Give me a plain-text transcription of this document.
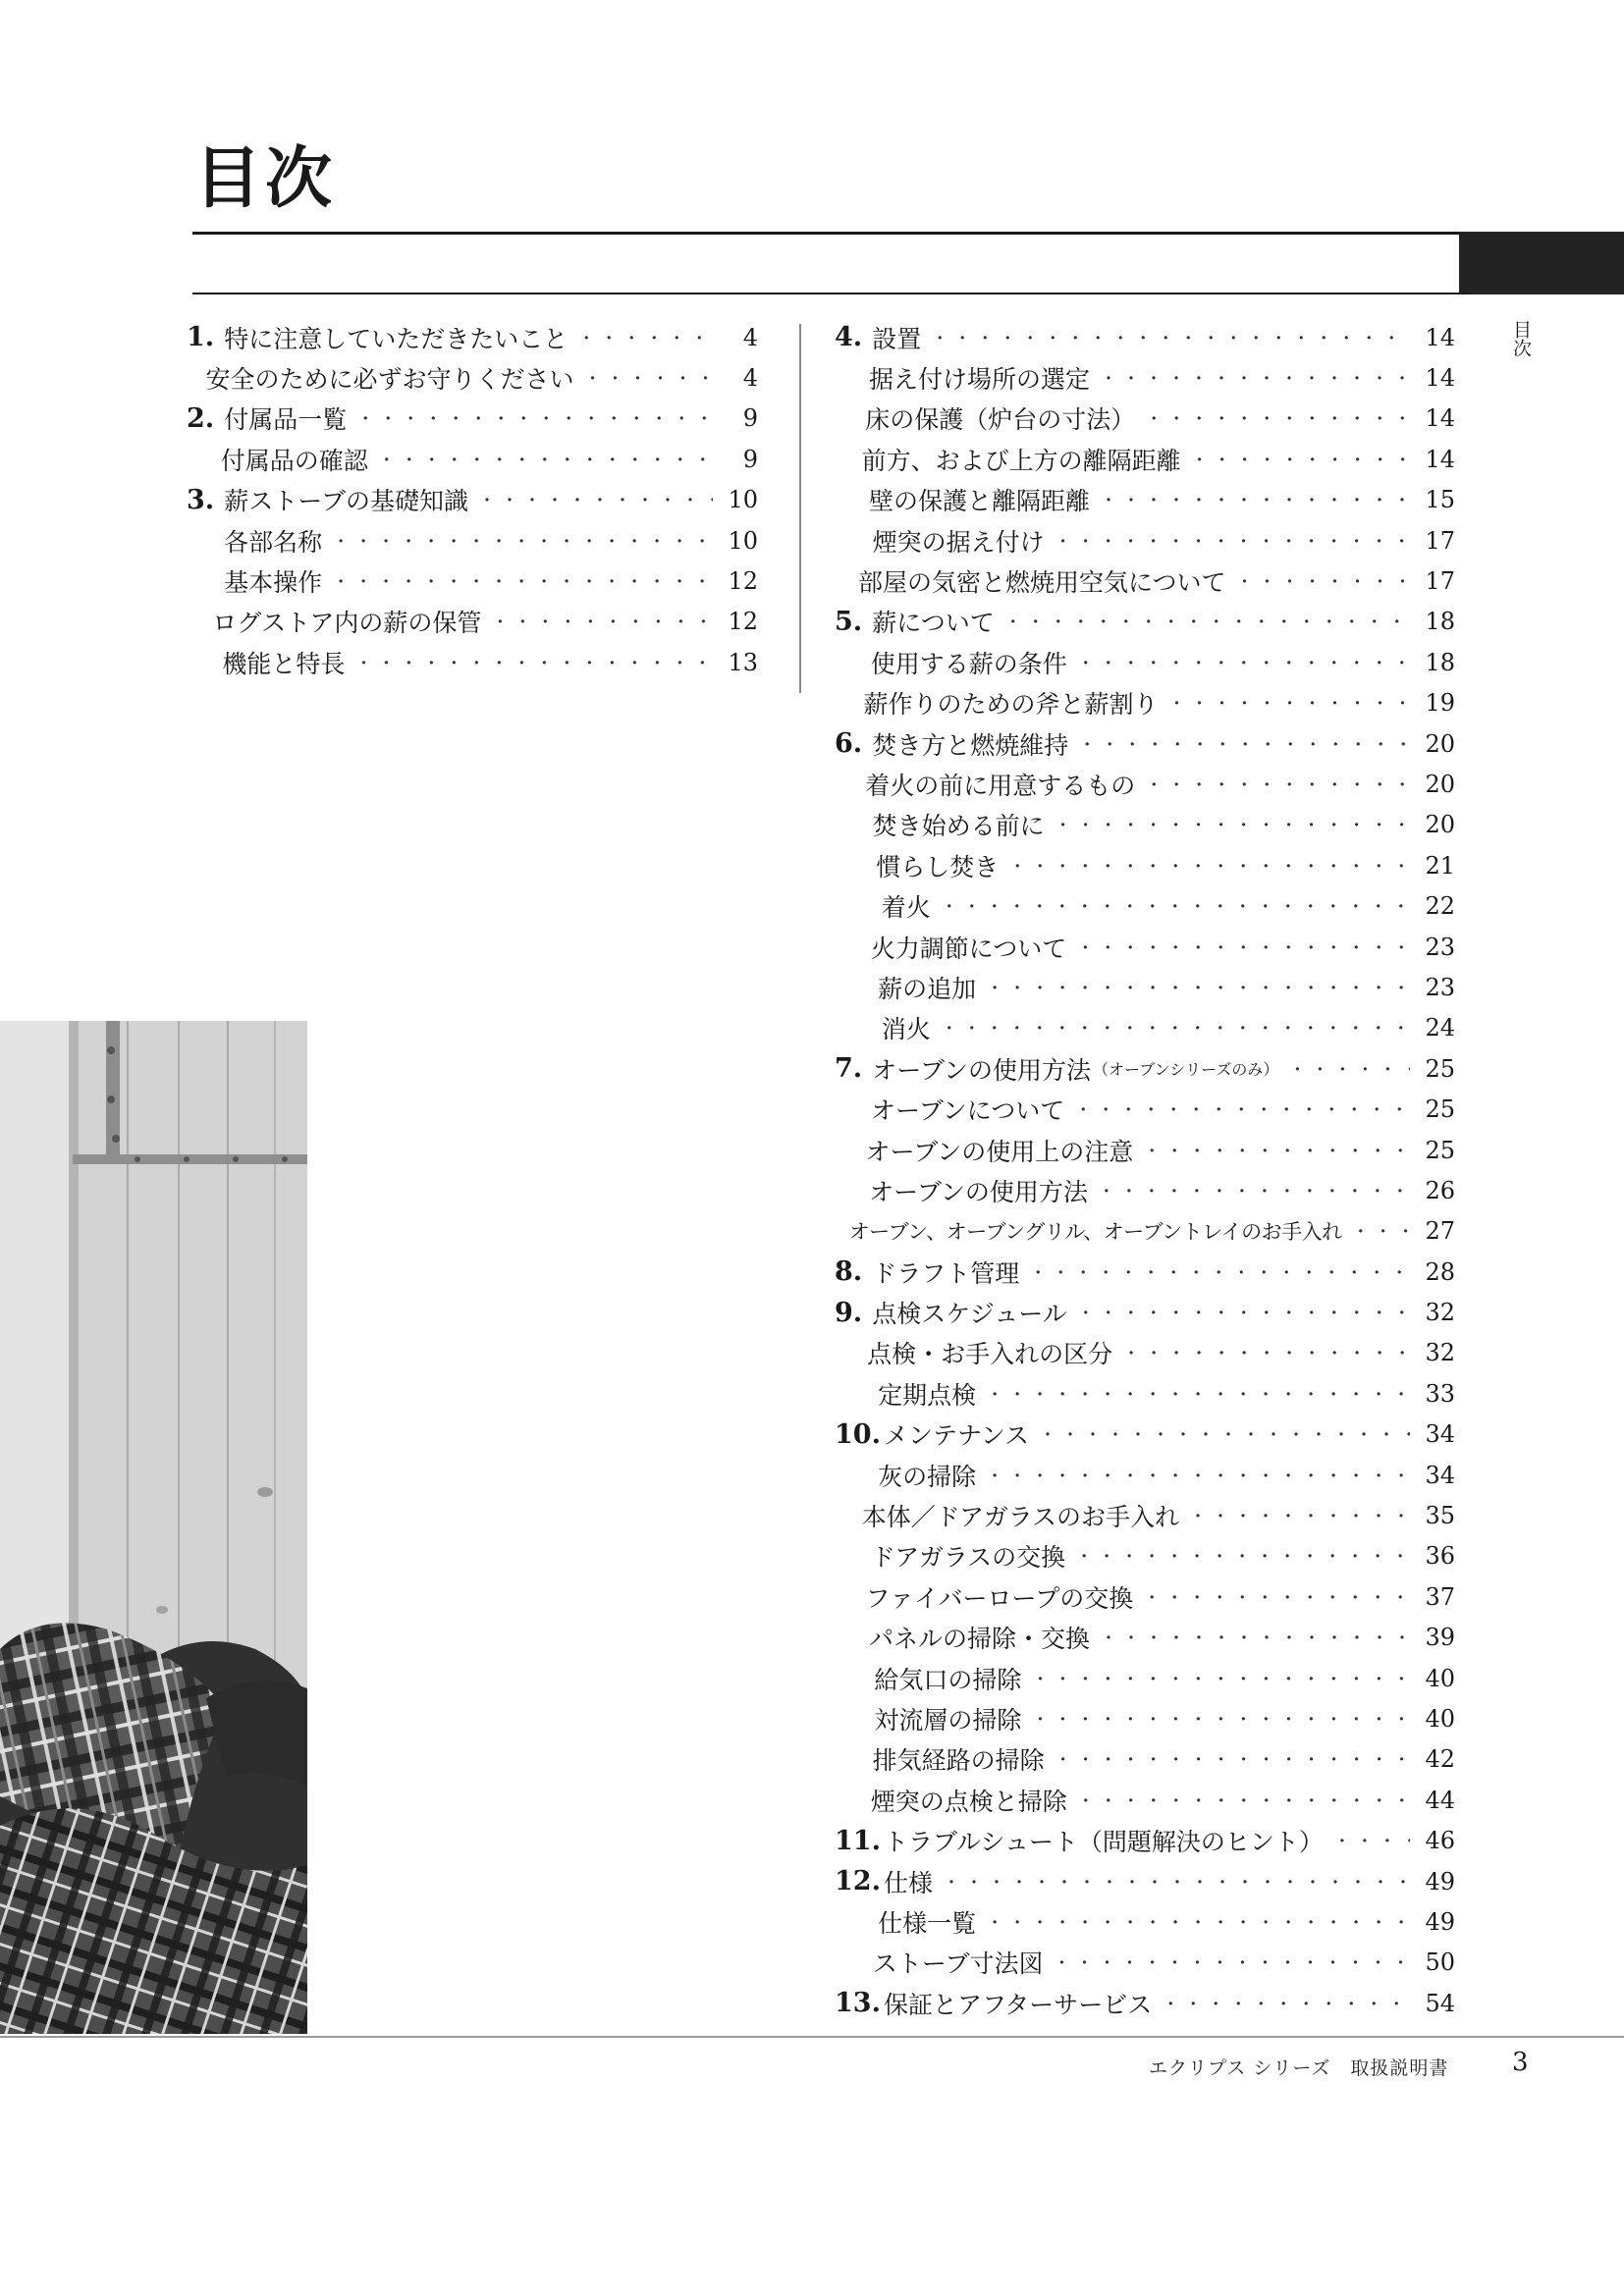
目次
目次
1. 特に注意していただきたいこと ・・・・・・・・・・・・・・・・・・・・・・・・・・・・・・・・・・・・・・・・・・・・・・・・・・・・・・	4
安全のために必ずお守りください ・・・・・・・・・・・・・・・・・・・・・・・・・・・・・・・・・・・・・・・・・・・・・・・・・・・・・・	4
2. 付属品一覧 ・・・・・・・・・・・・・・・・・・・・・・・・・・・・・・・・・・・・・・・・・・・・・・・・・・・・・・	9
付属品の確認 ・・・・・・・・・・・・・・・・・・・・・・・・・・・・・・・・・・・・・・・・・・・・・・・・・・・・・・	9
3. 薪ストーブの基礎知識 ・・・・・・・・・・・・・・・・・・・・・・・・・・・・・・・・・・・・・・・・・・・・・・・・・・・・・・	10
各部名称 ・・・・・・・・・・・・・・・・・・・・・・・・・・・・・・・・・・・・・・・・・・・・・・・・・・・・・・	10
基本操作 ・・・・・・・・・・・・・・・・・・・・・・・・・・・・・・・・・・・・・・・・・・・・・・・・・・・・・・	12
ログストア内の薪の保管 ・・・・・・・・・・・・・・・・・・・・・・・・・・・・・・・・・・・・・・・・・・・・・・・・・・・・・・	12
機能と特長 ・・・・・・・・・・・・・・・・・・・・・・・・・・・・・・・・・・・・・・・・・・・・・・・・・・・・・・	13
4. 設置 ・・・・・・・・・・・・・・・・・・・・・・・・・・・・・・・・・・・・・・・・・・・・・・・・・・・・・・	14
据え付け場所の選定 ・・・・・・・・・・・・・・・・・・・・・・・・・・・・・・・・・・・・・・・・・・・・・・・・・・・・・・	14
床の保護（炉台の寸法） ・・・・・・・・・・・・・・・・・・・・・・・・・・・・・・・・・・・・・・・・・・・・・・・・・・・・・・	14
前方、および上方の離隔距離 ・・・・・・・・・・・・・・・・・・・・・・・・・・・・・・・・・・・・・・・・・・・・・・・・・・・・・・	14
壁の保護と離隔距離 ・・・・・・・・・・・・・・・・・・・・・・・・・・・・・・・・・・・・・・・・・・・・・・・・・・・・・・	15
煙突の据え付け ・・・・・・・・・・・・・・・・・・・・・・・・・・・・・・・・・・・・・・・・・・・・・・・・・・・・・・	17
部屋の気密と燃焼用空気について ・・・・・・・・・・・・・・・・・・・・・・・・・・・・・・・・・・・・・・・・・・・・・・・・・・・・・・	17
5. 薪について ・・・・・・・・・・・・・・・・・・・・・・・・・・・・・・・・・・・・・・・・・・・・・・・・・・・・・・	18
使用する薪の条件 ・・・・・・・・・・・・・・・・・・・・・・・・・・・・・・・・・・・・・・・・・・・・・・・・・・・・・・	18
薪作りのための斧と薪割り ・・・・・・・・・・・・・・・・・・・・・・・・・・・・・・・・・・・・・・・・・・・・・・・・・・・・・・	19
6. 焚き方と燃焼維持 ・・・・・・・・・・・・・・・・・・・・・・・・・・・・・・・・・・・・・・・・・・・・・・・・・・・・・・	20
着火の前に用意するもの ・・・・・・・・・・・・・・・・・・・・・・・・・・・・・・・・・・・・・・・・・・・・・・・・・・・・・・	20
焚き始める前に ・・・・・・・・・・・・・・・・・・・・・・・・・・・・・・・・・・・・・・・・・・・・・・・・・・・・・・	20
慣らし焚き ・・・・・・・・・・・・・・・・・・・・・・・・・・・・・・・・・・・・・・・・・・・・・・・・・・・・・・	21
着火 ・・・・・・・・・・・・・・・・・・・・・・・・・・・・・・・・・・・・・・・・・・・・・・・・・・・・・・	22
火力調節について ・・・・・・・・・・・・・・・・・・・・・・・・・・・・・・・・・・・・・・・・・・・・・・・・・・・・・・	23
薪の追加 ・・・・・・・・・・・・・・・・・・・・・・・・・・・・・・・・・・・・・・・・・・・・・・・・・・・・・・	23
消火 ・・・・・・・・・・・・・・・・・・・・・・・・・・・・・・・・・・・・・・・・・・・・・・・・・・・・・・	24
7. オーブンの使用方法 （オーブンシリーズのみ） ・・・・・・・・・・・・・・・・・・・・・・・・・・・・・・・・・・・・・・・・・・・・・・・・・・・・・・	25
オーブンについて ・・・・・・・・・・・・・・・・・・・・・・・・・・・・・・・・・・・・・・・・・・・・・・・・・・・・・・	25
オーブンの使用上の注意 ・・・・・・・・・・・・・・・・・・・・・・・・・・・・・・・・・・・・・・・・・・・・・・・・・・・・・・	25
オーブンの使用方法 ・・・・・・・・・・・・・・・・・・・・・・・・・・・・・・・・・・・・・・・・・・・・・・・・・・・・・・	26
オーブン、オーブングリル、オーブントレイのお手入れ ・・・・・・・・・・・・・・・・・・・・・・・・・・・・・・・・・・・・・・・・・・・・・・・・・・・・・・	27
8. ドラフト管理 ・・・・・・・・・・・・・・・・・・・・・・・・・・・・・・・・・・・・・・・・・・・・・・・・・・・・・・	28
9. 点検スケジュール ・・・・・・・・・・・・・・・・・・・・・・・・・・・・・・・・・・・・・・・・・・・・・・・・・・・・・・	32
点検・お手入れの区分 ・・・・・・・・・・・・・・・・・・・・・・・・・・・・・・・・・・・・・・・・・・・・・・・・・・・・・・	32
定期点検 ・・・・・・・・・・・・・・・・・・・・・・・・・・・・・・・・・・・・・・・・・・・・・・・・・・・・・・	33
10. メンテナンス ・・・・・・・・・・・・・・・・・・・・・・・・・・・・・・・・・・・・・・・・・・・・・・・・・・・・・・	34
灰の掃除 ・・・・・・・・・・・・・・・・・・・・・・・・・・・・・・・・・・・・・・・・・・・・・・・・・・・・・・	34
本体／ドアガラスのお手入れ ・・・・・・・・・・・・・・・・・・・・・・・・・・・・・・・・・・・・・・・・・・・・・・・・・・・・・・	35
ドアガラスの交換 ・・・・・・・・・・・・・・・・・・・・・・・・・・・・・・・・・・・・・・・・・・・・・・・・・・・・・・	36
ファイバーロープの交換 ・・・・・・・・・・・・・・・・・・・・・・・・・・・・・・・・・・・・・・・・・・・・・・・・・・・・・・	37
パネルの掃除・交換 ・・・・・・・・・・・・・・・・・・・・・・・・・・・・・・・・・・・・・・・・・・・・・・・・・・・・・・	39
給気口の掃除 ・・・・・・・・・・・・・・・・・・・・・・・・・・・・・・・・・・・・・・・・・・・・・・・・・・・・・・	40
対流層の掃除 ・・・・・・・・・・・・・・・・・・・・・・・・・・・・・・・・・・・・・・・・・・・・・・・・・・・・・・	40
排気経路の掃除 ・・・・・・・・・・・・・・・・・・・・・・・・・・・・・・・・・・・・・・・・・・・・・・・・・・・・・・	42
煙突の点検と掃除 ・・・・・・・・・・・・・・・・・・・・・・・・・・・・・・・・・・・・・・・・・・・・・・・・・・・・・・	44
11. トラブルシュート（問題解決のヒント） ・・・・・・・・・・・・・・・・・・・・・・・・・・・・・・・・・・・・・・・・・・・・・・・・・・・・・・	46
12. 仕様 ・・・・・・・・・・・・・・・・・・・・・・・・・・・・・・・・・・・・・・・・・・・・・・・・・・・・・・	49
仕様一覧 ・・・・・・・・・・・・・・・・・・・・・・・・・・・・・・・・・・・・・・・・・・・・・・・・・・・・・・	49
ストーブ寸法図 ・・・・・・・・・・・・・・・・・・・・・・・・・・・・・・・・・・・・・・・・・・・・・・・・・・・・・・	50
13. 保証とアフターサービス ・・・・・・・・・・・・・・・・・・・・・・・・・・・・・・・・・・・・・・・・・・・・・・・・・・・・・・	54
エクリプス シリーズ　取扱説明書 3
